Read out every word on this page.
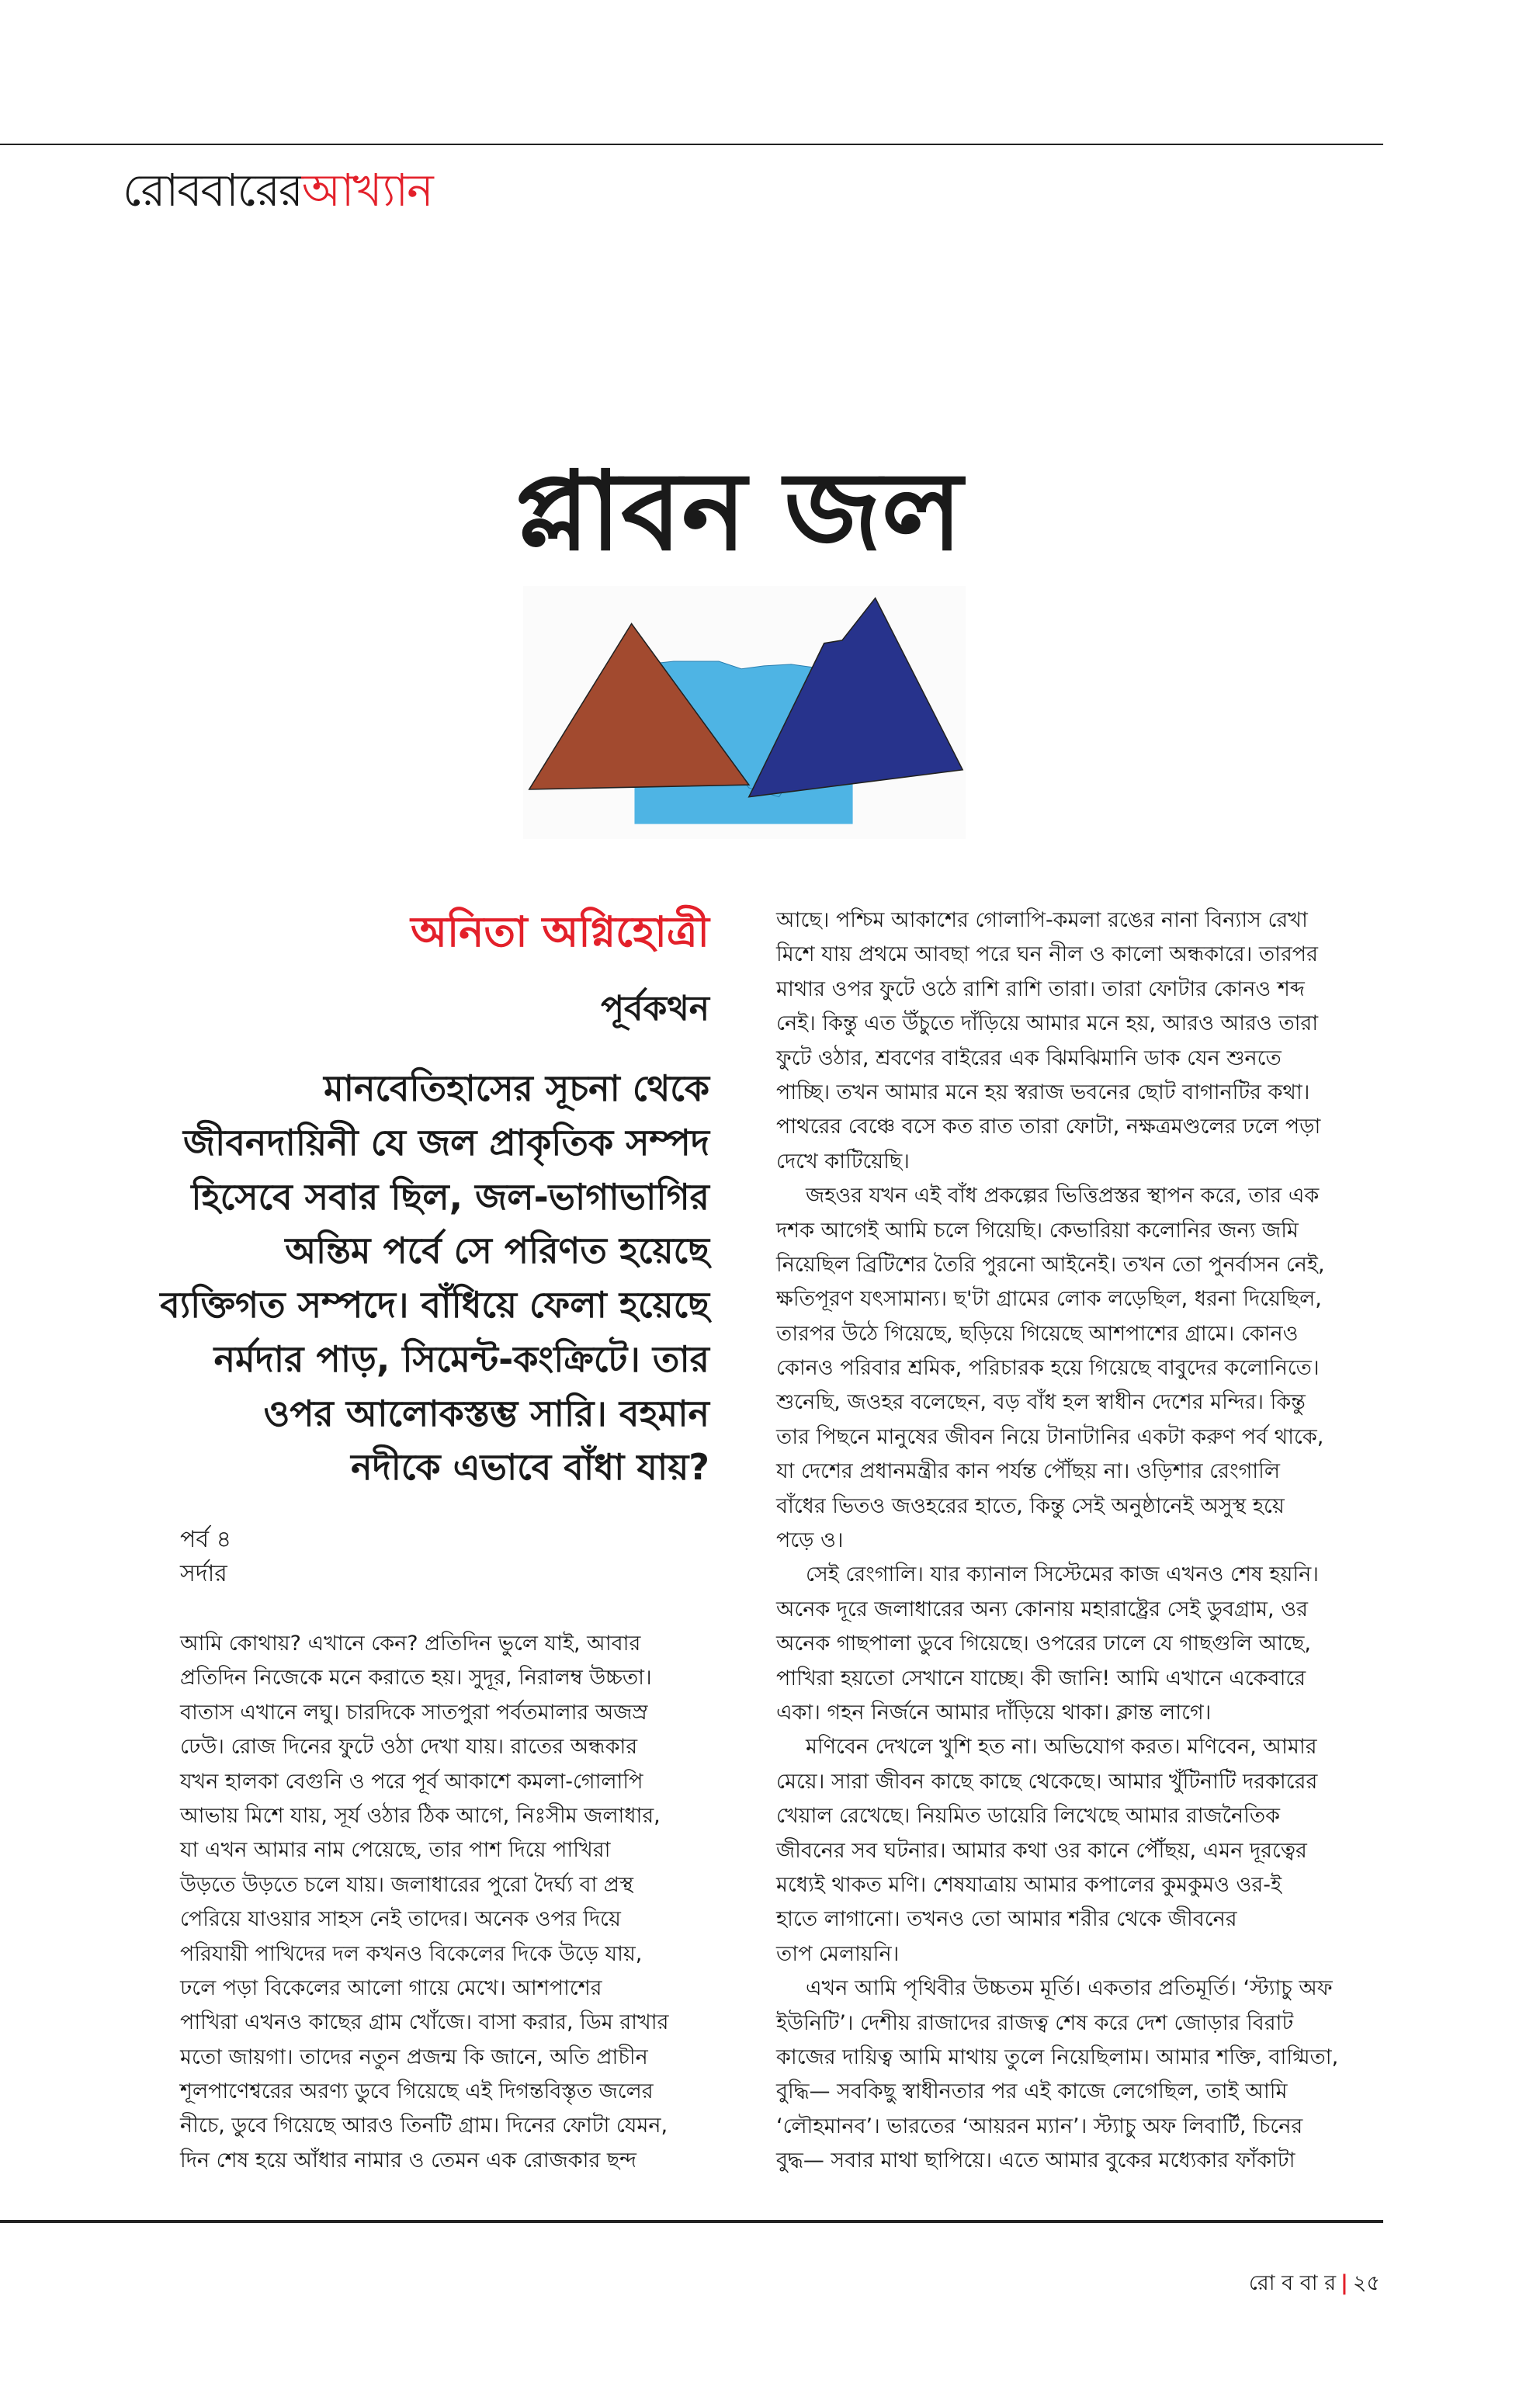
রোববারেরআখ্যান
প্লাবন জল
অনিতা অগ্নিহোত্রী
পূর্বকথন
মানবেতিহাসের সূচনা থেকে
জীবনদায়িনী যে জল প্রাকৃতিক সম্পদ
হিসেবে সবার ছিল, জল-ভাগাভাগির
অন্তিম পর্বে সে পরিণত হয়েছে
ব্যক্তিগত সম্পদে। বাঁধিয়ে ফেলা হয়েছে
নর্মদার পাড়, সিমেন্ট-কংক্রিটে। তার
ওপর আলোকস্তম্ভ সারি। বহমান
নদীকে এভাবে বাঁধা যায়?
পর্ব ৪
সর্দার
আমি কোথায়? এখানে কেন? প্রতিদিন ভুলে যাই, আবার
প্রতিদিন নিজেকে মনে করাতে হয়। সুদূর, নিরালম্ব উচ্চতা।
বাতাস এখানে লঘু। চারদিকে সাতপুরা পর্বতমালার অজস্র
ঢেউ। রোজ দিনের ফুটে ওঠা দেখা যায়। রাতের অন্ধকার
যখন হালকা বেগুনি ও পরে পূর্ব আকাশে কমলা-গোলাপি
আভায় মিশে যায়, সূর্য ওঠার ঠিক আগে, নিঃসীম জলাধার,
যা এখন আমার নাম পেয়েছে, তার পাশ দিয়ে পাখিরা
উড়তে উড়তে চলে যায়। জলাধারের পুরো দৈর্ঘ্য বা প্রস্থ
পেরিয়ে যাওয়ার সাহস নেই তাদের। অনেক ওপর দিয়ে
পরিযায়ী পাখিদের দল কখনও বিকেলের দিকে উড়ে যায়,
ঢলে পড়া বিকেলের আলো গায়ে মেখে। আশপাশের
পাখিরা এখনও কাছের গ্রাম খোঁজে। বাসা করার, ডিম রাখার
মতো জায়গা। তাদের নতুন প্রজন্ম কি জানে, অতি প্রাচীন
শূলপাণেশ্বরের অরণ্য ডুবে গিয়েছে এই দিগন্তবিস্তৃত জলের
নীচে, ডুবে গিয়েছে আরও তিনটি গ্রাম। দিনের ফোটা যেমন,
দিন শেষ হয়ে আঁধার নামার ও তেমন এক রোজকার ছন্দ
আছে। পশ্চিম আকাশের গোলাপি-কমলা রঙের নানা বিন্যাস রেখা
মিশে যায় প্রথমে আবছা পরে ঘন নীল ও কালো অন্ধকারে। তারপর
মাথার ওপর ফুটে ওঠে রাশি রাশি তারা। তারা ফোটার কোনও শব্দ
নেই। কিন্তু এত উঁচুতে দাঁড়িয়ে আমার মনে হয়, আরও আরও তারা
ফুটে ওঠার, শ্রবণের বাইরের এক ঝিমঝিমানি ডাক যেন শুনতে
পাচ্ছি। তখন আমার মনে হয় স্বরাজ ভবনের ছোট বাগানটির কথা।
পাথরের বেঞ্চে বসে কত রাত তারা ফোটা, নক্ষত্রমণ্ডলের ঢলে পড়া
দেখে কাটিয়েছি।
জহওর যখন এই বাঁধ প্রকল্পের ভিত্তিপ্রস্তর স্থাপন করে, তার এক
দশক আগেই আমি চলে গিয়েছি। কেভারিয়া কলোনির জন্য জমি
নিয়েছিল ব্রিটিশের তৈরি পুরনো আইনেই। তখন তো পুনর্বাসন নেই,
ক্ষতিপূরণ যৎসামান্য। ছ'টা গ্রামের লোক লড়েছিল, ধরনা দিয়েছিল,
তারপর উঠে গিয়েছে, ছড়িয়ে গিয়েছে আশপাশের গ্রামে। কোনও
কোনও পরিবার শ্রমিক, পরিচারক হয়ে গিয়েছে বাবুদের কলোনিতে।
শুনেছি, জওহর বলেছেন, বড় বাঁধ হল স্বাধীন দেশের মন্দির। কিন্তু
তার পিছনে মানুষের জীবন নিয়ে টানাটানির একটা করুণ পর্ব থাকে,
যা দেশের প্রধানমন্ত্রীর কান পর্যন্ত পৌঁছয় না। ওড়িশার রেংগালি
বাঁধের ভিতও জওহরের হাতে, কিন্তু সেই অনুষ্ঠানেই অসুস্থ হয়ে
পড়ে ও।
সেই রেংগালি। যার ক্যানাল সিস্টেমের কাজ এখনও শেষ হয়নি।
অনেক দূরে জলাধারের অন্য কোনায় মহারাষ্ট্রের সেই ডুবগ্রাম, ওর
অনেক গাছপালা ডুবে গিয়েছে। ওপরের ঢালে যে গাছগুলি আছে,
পাখিরা হয়তো সেখানে যাচ্ছে। কী জানি! আমি এখানে একেবারে
একা। গহন নির্জনে আমার দাঁড়িয়ে থাকা। ক্লান্ত লাগে।
মণিবেন দেখলে খুশি হত না। অভিযোগ করত। মণিবেন, আমার
মেয়ে। সারা জীবন কাছে কাছে থেকেছে। আমার খুঁটিনাটি দরকারের
খেয়াল রেখেছে। নিয়মিত ডায়েরি লিখেছে আমার রাজনৈতিক
জীবনের সব ঘটনার। আমার কথা ওর কানে পৌঁছয়, এমন দূরত্বের
মধ্যেই থাকত মণি। শেষযাত্রায় আমার কপালের কুমকুমও ওর-ই
হাতে লাগানো। তখনও তো আমার শরীর থেকে জীবনের
তাপ মেলায়নি।
এখন আমি পৃথিবীর উচ্চতম মূর্তি। একতার প্রতিমূর্তি। ‘স্ট্যাচু অফ
ইউনিটি’। দেশীয় রাজাদের রাজত্ব শেষ করে দেশ জোড়ার বিরাট
কাজের দায়িত্ব আমি মাথায় তুলে নিয়েছিলাম। আমার শক্তি, বাগ্মিতা,
বুদ্ধি— সবকিছু স্বাধীনতার পর এই কাজে লেগেছিল, তাই আমি
‘লৌহমানব’। ভারতের ‘আয়রন ম্যান’। স্ট্যাচু অফ লিবার্টি, চিনের
বুদ্ধ— সবার মাথা ছাপিয়ে। এতে আমার বুকের মধ্যেকার ফাঁকাটা
রো ব বা র | ২৫
